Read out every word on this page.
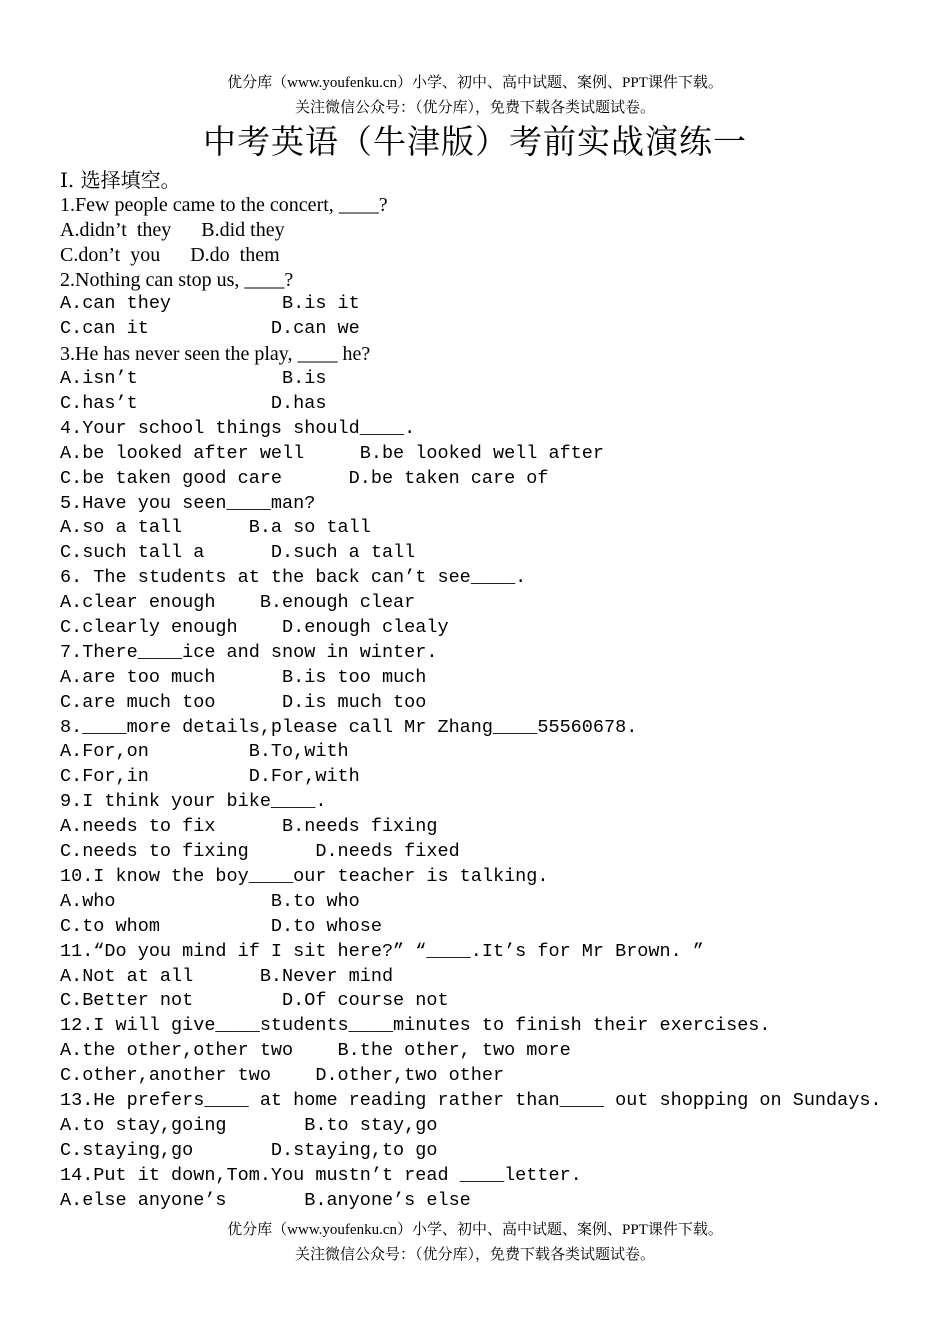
优分库（www.youfenku.cn）小学、初中、高中试题、案例、PPT课件下载。
关注微信公众号：（优分库），免费下载各类试题试卷。
中考英语（牛津版）考前实战演练一
I. 选择填空。
1.Few people came to the concert, ____?
A.didn’t  they      B.did they
C.don’t  you      D.do  them
2.Nothing can stop us, ____?
A.can they          B.is it
C.can it           D.can we
3.He has never seen the play, ____ he?
A.isn’t             B.is
C.has’t            D.has
4.Your school things should____.
A.be looked after well     B.be looked well after
C.be taken good care      D.be taken care of
5.Have you seen____man?
A.so a tall      B.a so tall
C.such tall a      D.such a tall
6. The students at the back can’t see____.
A.clear enough    B.enough clear
C.clearly enough    D.enough clealy
7.There____ice and snow in winter.
A.are too much      B.is too much
C.are much too      D.is much too
8.____more details,please call Mr Zhang____55560678.
A.For,on         B.To,with
C.For,in         D.For,with
9.I think your bike____.
A.needs to fix      B.needs fixing
C.needs to fixing      D.needs fixed
10.I know the boy____our teacher is talking.
A.who              B.to who
C.to whom          D.to whose
11.“Do you mind if I sit here?” “____.It’s for Mr Brown. ”
A.Not at all      B.Never mind
C.Better not        D.Of course not
12.I will give____students____minutes to finish their exercises.
A.the other,other two    B.the other, two more
C.other,another two    D.other,two other
13.He prefers____ at home reading rather than____ out shopping on Sundays.
A.to stay,going       B.to stay,go
C.staying,go       D.staying,to go
14.Put it down,Tom.You mustn’t read ____letter.
A.else anyone’s       B.anyone’s else
优分库（www.youfenku.cn）小学、初中、高中试题、案例、PPT课件下载。
关注微信公众号：（优分库），免费下载各类试题试卷。
